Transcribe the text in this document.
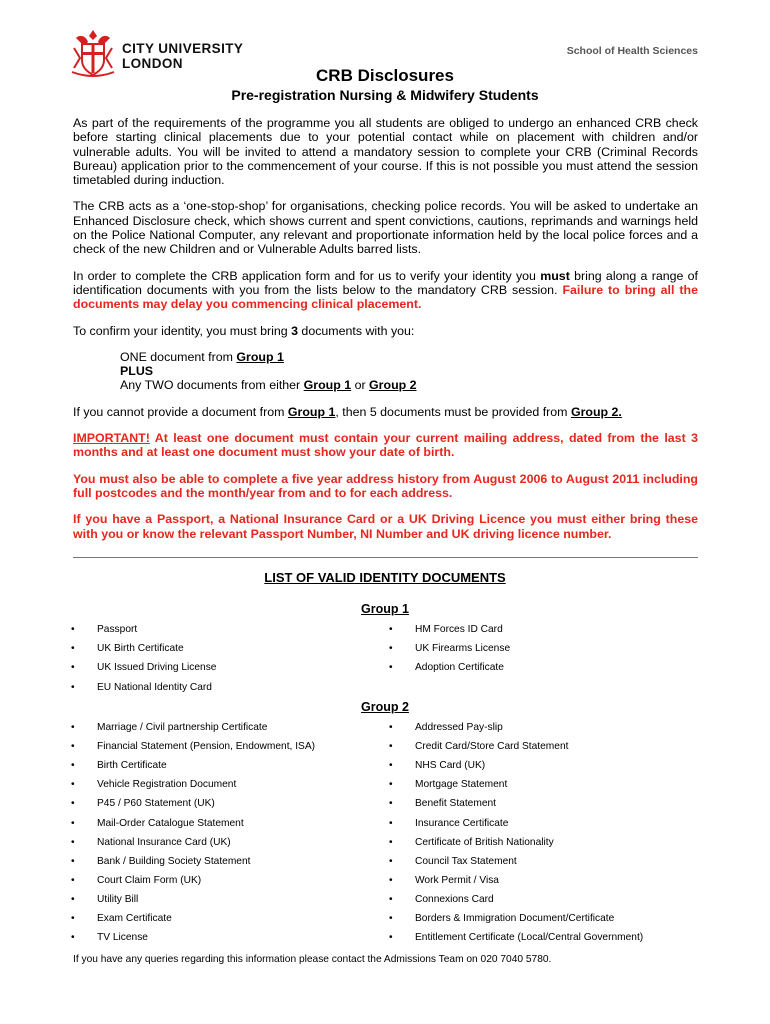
CITY UNIVERSITY
LONDON
School of Health Sciences
CRB Disclosures
Pre-registration Nursing & Midwifery Students

As part of the requirements of the programme you all students are obliged to undergo an enhanced CRB check before starting clinical placements due to your potential contact while on placement with children and/or vulnerable adults. You will be invited to attend a mandatory session to complete your CRB (Criminal Records Bureau) application prior to the commencement of your course. If this is not possible you must attend the session timetabled during induction.

The CRB acts as a ‘one-stop-shop’ for organisations, checking police records. You will be asked to undertake an Enhanced Disclosure check, which shows current and spent convictions, cautions, reprimands and warnings held on the Police National Computer, any relevant and proportionate information held by the local police forces and a check of the new Children and or Vulnerable Adults barred lists.

In order to complete the CRB application form and for us to verify your identity you must bring along a range of identification documents with you from the lists below to the mandatory CRB session. Failure to bring all the documents may delay you commencing clinical placement.

To confirm your identity, you must bring 3 documents with you:

ONE document from Group 1
PLUS
Any TWO documents from either Group 1 or Group 2

If you cannot provide a document from Group 1, then 5 documents must be provided from Group 2.

IMPORTANT! At least one document must contain your current mailing address, dated from the last 3 months and at least one document must show your date of birth.

You must also be able to complete a five year address history from August 2006 to August 2011 including full postcodes and the month/year from and to for each address.

If you have a Passport, a National Insurance Card or a UK Driving Licence you must either bring these with you or know the relevant Passport Number, NI Number and UK driving licence number.

LIST OF VALID IDENTITY DOCUMENTS
Group 1
•	Passport
•	UK Birth Certificate
•	UK Issued Driving License
•	EU National Identity Card
•	HM Forces ID Card
•	UK Firearms License
•	Adoption Certificate
Group 2
•	Marriage / Civil partnership Certificate
•	Financial Statement (Pension, Endowment, ISA)
•	Birth Certificate
•	Vehicle Registration Document
•	P45 / P60 Statement (UK)
•	Mail-Order Catalogue Statement
•	National Insurance Card (UK)
•	Bank / Building Society Statement
•	Court Claim Form (UK)
•	Utility Bill
•	Exam Certificate
•	TV License
•	Addressed Pay-slip
•	Credit Card/Store Card Statement
•	NHS Card (UK)
•	Mortgage Statement
•	Benefit Statement
•	Insurance Certificate
•	Certificate of British Nationality
•	Council Tax Statement
•	Work Permit / Visa
•	Connexions Card
•	Borders & Immigration Document/Certificate
•	Entitlement Certificate (Local/Central Government)
If you have any queries regarding this information please contact the Admissions Team on 020 7040 5780.
